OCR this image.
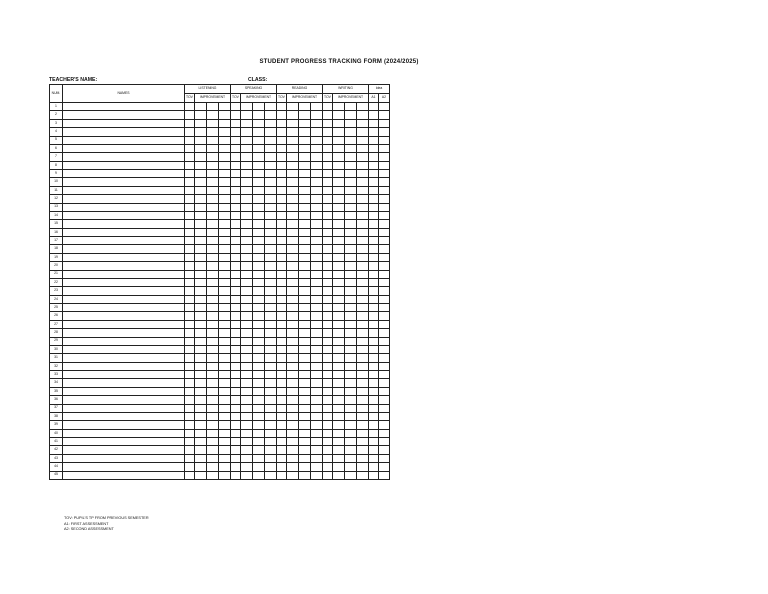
STUDENT PROGRESS TRACKING FORM (2024/2025)
TEACHER'S NAME:	CLASS:
NUM.	NAMES	LISTENING				SPEAKING				READING				WRITING				Idea	
		TOV	IMPROVEMENT			TOV	IMPROVEMENT			TOV	IMPROVEMENT			TOV	IMPROVEMENT			A1	A2
1																			
2																			
3																			
4																			
5																			
6																			
7																			
8																			
9																			
10																			
11																			
12																			
13																			
14																			
15																			
16																			
17																			
18																			
19																			
20																			
21																			
22																			
23																			
24																			
25																			
26																			
27																			
28																			
29																			
30																			
31																			
32																			
33																			
34																			
35																			
36																			
37																			
38																			
39																			
40																			
41																			
42																			
43																			
44																			
45																			
TOV: PUPIL'S TP FROM PREVIOUS SEMESTER
A1: FIRST ASSESSMENT
A2: SECOND ASSESSMENT
